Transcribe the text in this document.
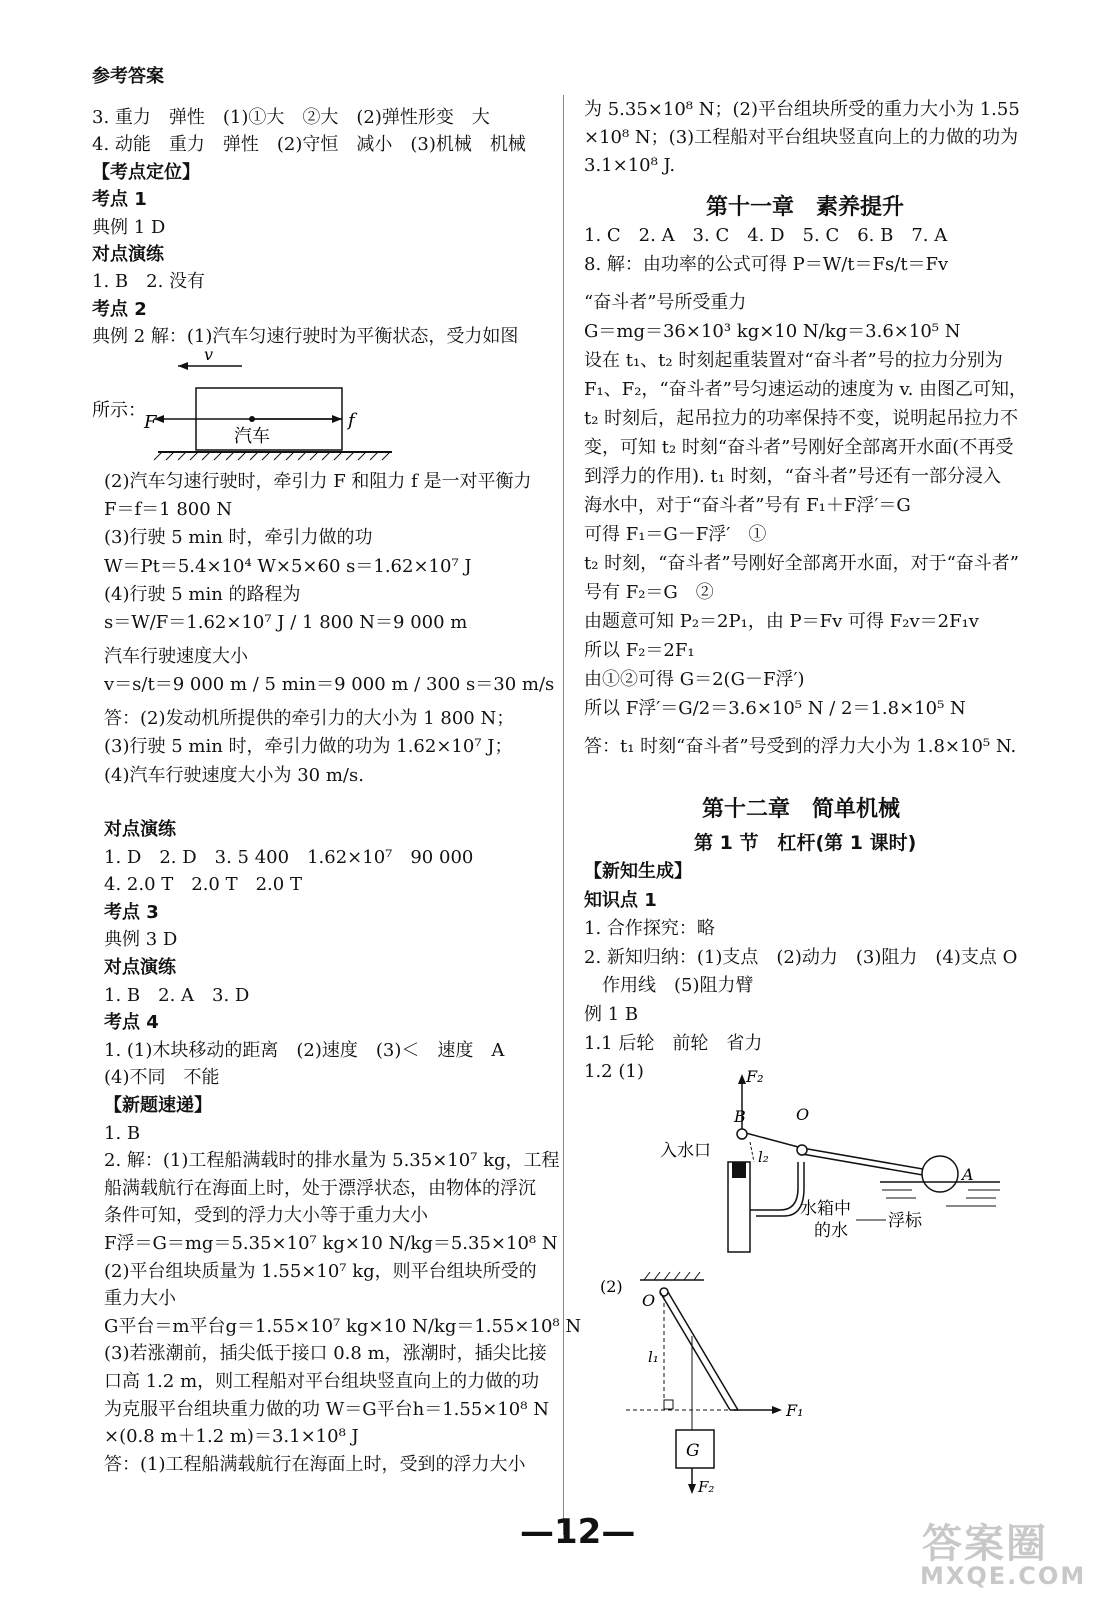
参考答案
3. 重力　弹性　(1)①大　②大　(2)弹性形变　大
4. 动能　重力　弹性　(2)守恒　减小　(3)机械　机械
【考点定位】
考点 1
典例 1 D
对点演练
1. B　2. 没有
考点 2
典例 2 解：(1)汽车匀速行驶时为平衡状态，受力如图
(2)汽车匀速行驶时，牵引力 F 和阻力 f 是一对平衡力
F＝f＝1 800 N
(3)行驶 5 min 时，牵引力做的功
W＝Pt＝5.4×10⁴ W×5×60 s＝1.62×10⁷ J
(4)行驶 5 min 的路程为
s＝W/F＝1.62×10⁷ J / 1 800 N＝9 000 m
汽车行驶速度大小
v＝s/t＝9 000 m / 5 min＝9 000 m / 300 s＝30 m/s
答：(2)发动机所提供的牵引力的大小为 1 800 N；
(3)行驶 5 min 时，牵引力做的功为 1.62×10⁷ J；
(4)汽车行驶速度大小为 30 m/s.
对点演练
1. D　2. D　3. 5 400　1.62×10⁷　90 000
4. 2.0 T　2.0 T　2.0 T
考点 3
典例 3 D
对点演练
1. B　2. A　3. D
考点 4
1. (1)木块移动的距离　(2)速度　(3)＜　速度　A
(4)不同　不能
【新题速递】
1. B
2. 解：(1)工程船满载时的排水量为 5.35×10⁷ kg，工程
船满载航行在海面上时，处于漂浮状态，由物体的浮沉
条件可知，受到的浮力大小等于重力大小
F浮＝G＝mg＝5.35×10⁷ kg×10 N/kg＝5.35×10⁸ N
(2)平台组块质量为 1.55×10⁷ kg，则平台组块所受的
重力大小
G平台＝m平台g＝1.55×10⁷ kg×10 N/kg＝1.55×10⁸ N
(3)若涨潮前，插尖低于接口 0.8 m，涨潮时，插尖比接
口高 1.2 m，则工程船对平台组块竖直向上的力做的功
为克服平台组块重力做的功 W＝G平台h＝1.55×10⁸ N
×(0.8 m＋1.2 m)＝3.1×10⁸ J
答：(1)工程船满载航行在海面上时，受到的浮力大小
所示：
v
汽车
F	f
为 5.35×10⁸ N；(2)平台组块所受的重力大小为 1.55
×10⁸ N；(3)工程船对平台组块竖直向上的力做的功为
3.1×10⁸ J.
1. C　2. A　3. C　4. D　5. C　6. B　7. A
8. 解：由功率的公式可得 P＝W/t＝Fs/t＝Fv
“奋斗者”号所受重力
G＝mg＝36×10³ kg×10 N/kg＝3.6×10⁵ N
设在 t₁、t₂ 时刻起重装置对“奋斗者”号的拉力分别为
F₁、F₂，“奋斗者”号匀速运动的速度为 v. 由图乙可知，
t₂ 时刻后，起吊拉力的功率保持不变，说明起吊拉力不
变，可知 t₂ 时刻“奋斗者”号刚好全部离开水面(不再受
到浮力的作用). t₁ 时刻，“奋斗者”号还有一部分浸入
海水中，对于“奋斗者”号有 F₁＋F浮′＝G
可得 F₁＝G－F浮′　①
t₂ 时刻，“奋斗者”号刚好全部离开水面，对于“奋斗者”
号有 F₂＝G　②
由题意可知 P₂＝2P₁，由 P＝Fv 可得 F₂v＝2F₁v
所以 F₂＝2F₁
由①②可得 G＝2(G－F浮′)
所以 F浮′＝G/2＝3.6×10⁵ N / 2＝1.8×10⁵ N
答：t₁ 时刻“奋斗者”号受到的浮力大小为 1.8×10⁵ N.
【新知生成】
知识点 1
1. 合作探究：略
2. 新知归纳：(1)支点　(2)动力　(3)阻力　(4)支点 O
　作用线　(5)阻力臂
例 1 B
1.1 后轮　前轮　省力
1.2 (1)
第十一章　素养提升
第十二章　简单机械
第 1 节　杠杆(第 1 课时)
F₂
B	O
A
l₂
入水口
水箱中
的水 浮标
(2)
O
l₁
F₁
G
F₂
—12—	答案圈
MXQE.COM
